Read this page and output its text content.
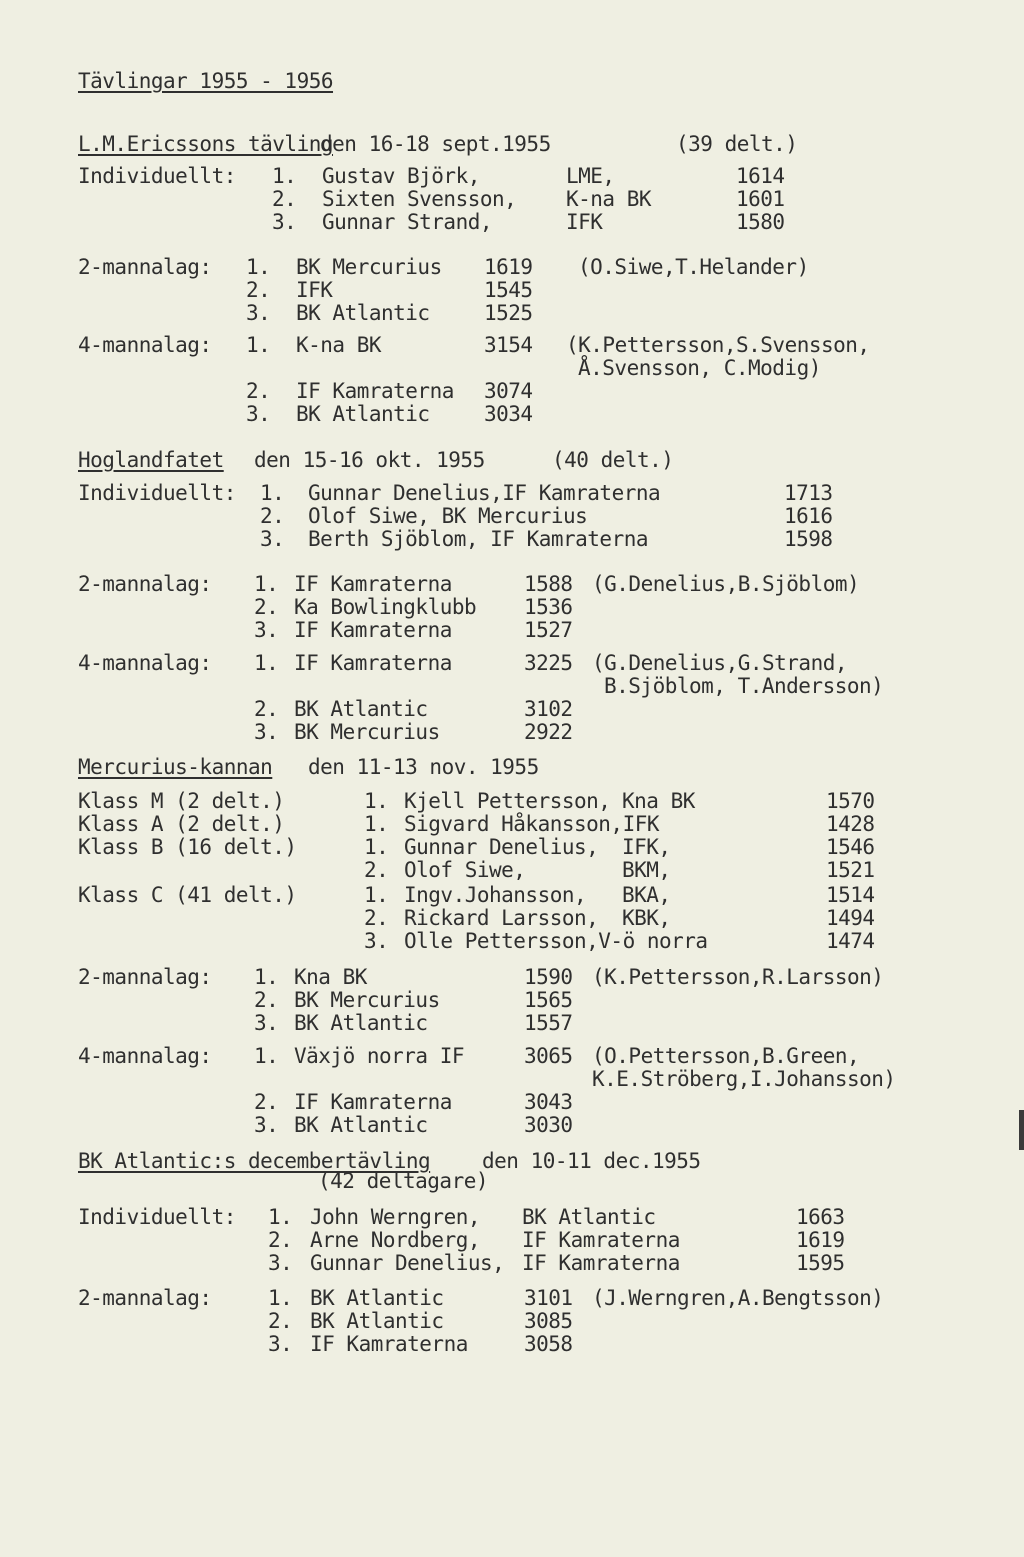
Tävlingar 1955 - 1956
L.M.Ericssons tävling
den 16-18 sept.1955	(39 delt.)
Individuellt: 1. Gustav Björk,	LME,	1614
2. Sixten Svensson, K-na BK	1601
3. Gunnar Strand,	IFK	1580
2-mannalag: 1. BK Mercurius 1619 (O.Siwe,T.Helander)
2. IFK	1545
3. BK Atlantic	1525
4-mannalag: 1. K-na BK	3154 (K.Pettersson,S.Svensson,
Å.Svensson, C.Modig)
2. IF Kamraterna 3074
3. BK Atlantic	3034
Hoglandfatet den 15-16 okt. 1955	(40 delt.)
Individuellt: 1. Gunnar Denelius,IF Kamraterna	1713
2. Olof Siwe, BK Mercurius	1616
3. Berth Sjöblom, IF Kamraterna	1598
2-mannalag: 1. IF Kamraterna	1588 (G.Denelius,B.Sjöblom)
2. Ka Bowlingklubb 1536
3. IF Kamraterna	1527
4-mannalag: 1. IF Kamraterna	3225 (G.Denelius,G.Strand,
B.Sjöblom, T.Andersson)
2. BK Atlantic	3102
3. BK Mercurius	2922
Mercurius-kannan den 11-13 nov. 1955
Klass M (2 delt.)	1. Kjell Pettersson, Kna BK	1570
Klass A (2 delt.)	1. Sigvard Håkansson,IFK	1428
Klass B (16 delt.)	1. Gunnar Denelius, IFK,	1546
2. Olof Siwe,	BKM,	1521
Klass C (41 delt.)	1. Ingv.Johansson, BKA,	1514
2. Rickard Larsson, KBK,	1494
3. Olle Pettersson,V-ö norra	1474
2-mannalag: 1. Kna BK	1590 (K.Pettersson,R.Larsson)
2. BK Mercurius	1565
3. BK Atlantic	1557
4-mannalag: 1. Växjö norra IF	3065 (O.Pettersson,B.Green,
K.E.Ströberg,I.Johansson)
2. IF Kamraterna	3043
3. BK Atlantic	3030
BK Atlantic:s decembertävling den 10-11 dec.1955
(42 deltagare)
Individuellt: 1. John Werngren, BK Atlantic	1663
2. Arne Nordberg, IF Kamraterna	1619
3. Gunnar Denelius, IF Kamraterna	1595
2-mannalag:	1. BK Atlantic	3101 (J.Werngren,A.Bengtsson)
2. BK Atlantic	3085
3. IF Kamraterna	3058
